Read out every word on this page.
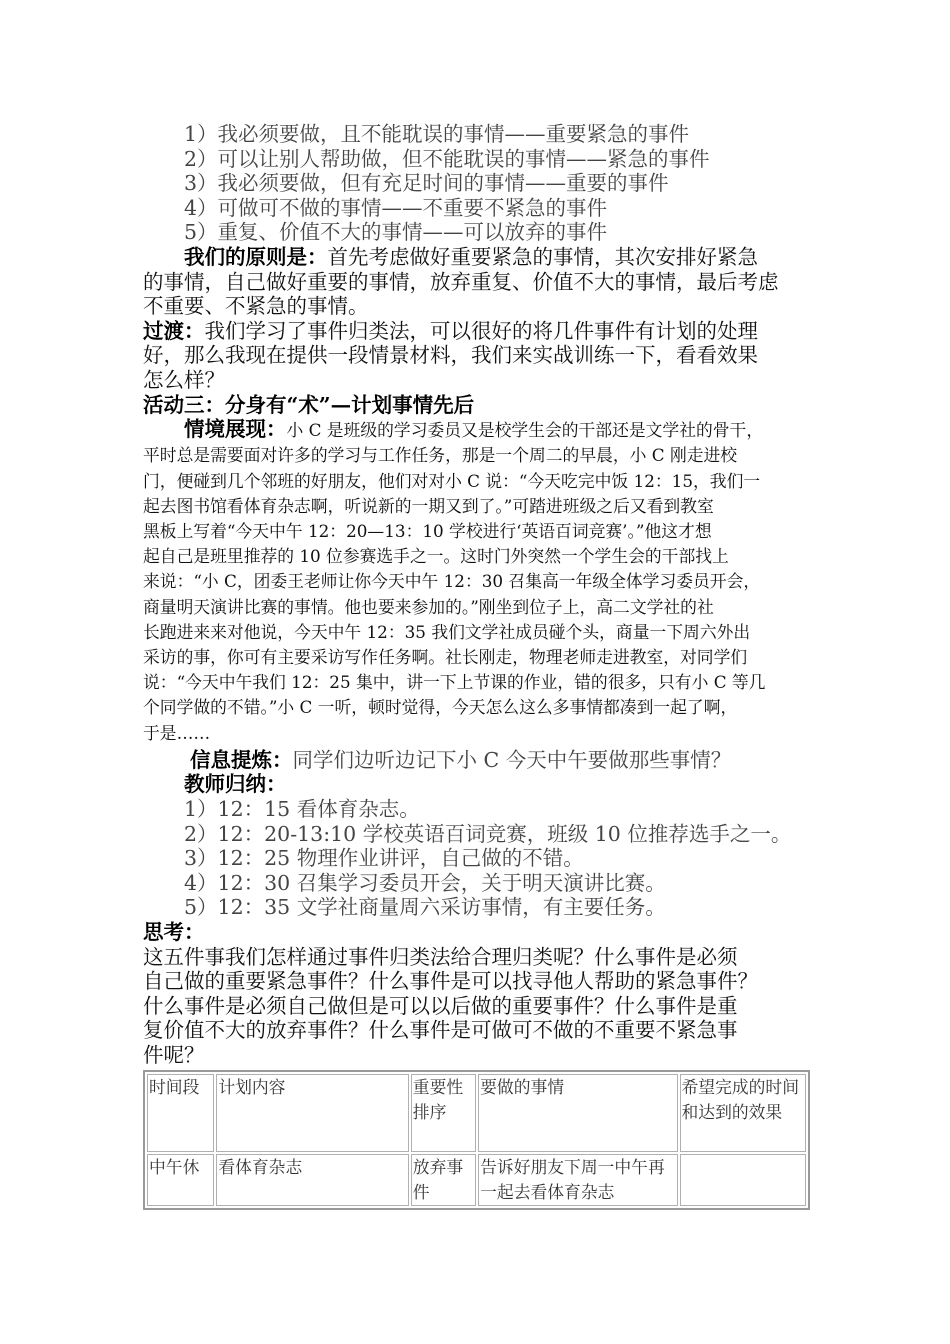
1）我必须要做，且不能耽误的事情——重要紧急的事件

2）可以让别人帮助做，但不能耽误的事情——紧急的事件

3）我必须要做，但有充足时间的事情——重要的事件

4）可做可不做的事情——不重要不紧急的事件

5）重复、价值不大的事情——可以放弃的事件

我们的原则是：首先考虑做好重要紧急的事情，其次安排好紧急

的事情，自己做好重要的事情，放弃重复、价值不大的事情，最后考虑

不重要、不紧急的事情。

过渡：我们学习了事件归类法，可以很好的将几件事件有计划的处理

好，那么我现在提供一段情景材料，我们来实战训练一下，看看效果

怎么样？

活动三：分身有“术”—计划事情先后

情境展现：小 C 是班级的学习委员又是校学生会的干部还是文学社的骨干，

平时总是需要面对许多的学习与工作任务，那是一个周二的早晨，小 C 刚走进校

门，便碰到几个邻班的好朋友，他们对对小 C 说：“今天吃完中饭 12：15，我们一

起去图书馆看体育杂志啊，听说新的一期又到了。”可踏进班级之后又看到教室

黑板上写着“今天中午 12：20—13：10 学校进行‘英语百词竞赛’。”他这才想

起自己是班里推荐的 10 位参赛选手之一。这时门外突然一个学生会的干部找上

来说：“小 C，团委王老师让你今天中午 12：30 召集高一年级全体学习委员开会，

商量明天演讲比赛的事情。他也要来参加的。”刚坐到位子上，高二文学社的社

长跑进来来对他说，今天中午 12：35 我们文学社成员碰个头，商量一下周六外出

采访的事，你可有主要采访写作任务啊。社长刚走，物理老师走进教室，对同学们

说：“今天中午我们 12：25 集中，讲一下上节课的作业，错的很多，只有小 C 等几

个同学做的不错。”小 C 一听，顿时觉得，今天怎么这么多事情都凑到一起了啊，

于是……

信息提炼：同学们边听边记下小 C 今天中午要做那些事情？

教师归纳：

1）12：15 看体育杂志。

2）12：20-13:10 学校英语百词竞赛，班级 10 位推荐选手之一。

3）12：25 物理作业讲评，自己做的不错。

4）12：30 召集学习委员开会，关于明天演讲比赛。

5）12：35 文学社商量周六采访事情，有主要任务。

思考：

这五件事我们怎样通过事件归类法给合理归类呢？什么事件是必须

自己做的重要紧急事件？什么事件是可以找寻他人帮助的紧急事件？

什么事件是必须自己做但是可以以后做的重要事件？什么事件是重

复价值不大的放弃事件？什么事件是可做可不做的不重要不紧急事

件呢？

时间段	计划内容	重要性排序	要做的事情	希望完成的时间和达到的效果
中午休	看体育杂志	放弃事件	告诉好朋友下周一中午再一起去看体育杂志	
